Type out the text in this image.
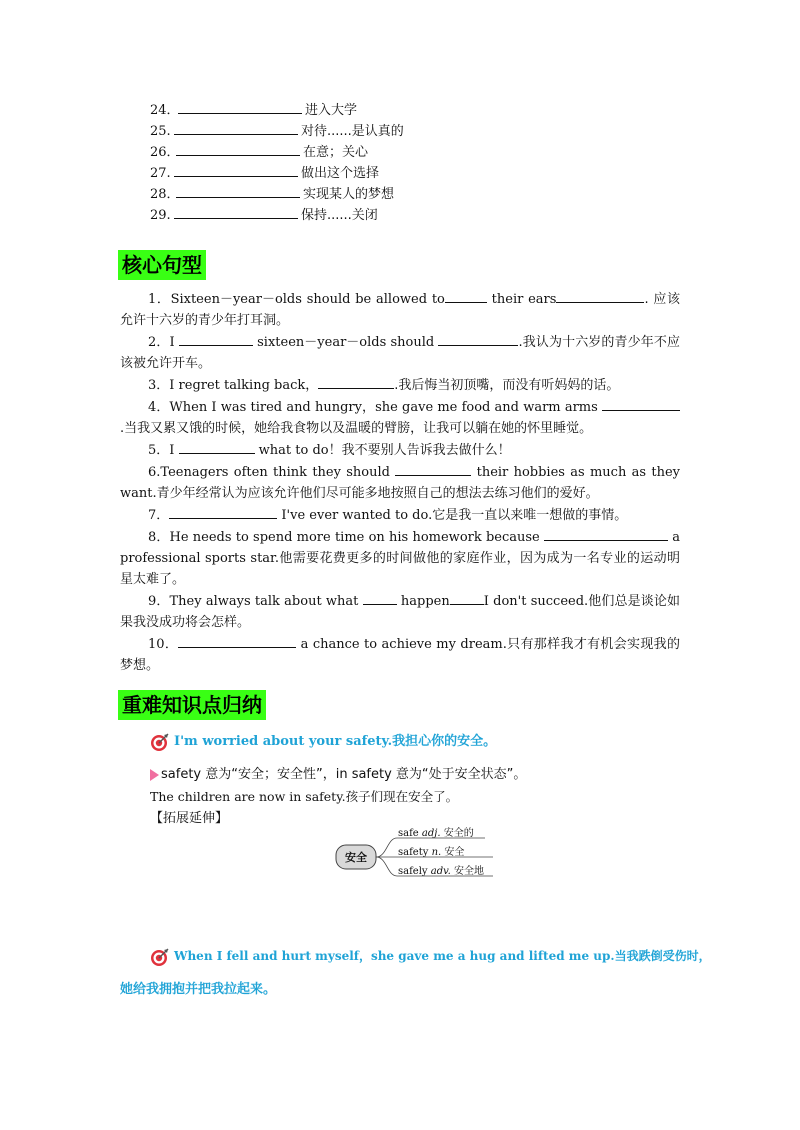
24．	进入大学
25.	对待......是认真的
26．	在意；关心
27.	做出这个选择
28．	实现某人的梦想
29.	保持......关闭
核心句型

1．Sixteen－year－olds should be allowed to	their ears	. 应该允许十六岁的青少年打耳洞。

2．I	sixteen－year－olds should	.我认为十六岁的青少年不应该被允许开车。

3．I regret talking back，	.我后悔当初顶嘴，而没有听妈妈的话。

4．When I was tired and hungry，she gave me food and warm arms .当我又累又饿的时候，她给我食物以及温暖的臂膀，让我可以躺在她的怀里睡觉。

5．I	what to do！我不要别人告诉我去做什么！

6.Teenagers often think they should	their hobbies as much as they want.青少年经常认为应该允许他们尽可能多地按照自己的想法去练习他们的爱好。

7．	I've ever wanted to do.它是我一直以来唯一想做的事情。

8．He needs to spend more time on his homework because	a professional sports star.他需要花费更多的时间做他的家庭作业，因为成为一名专业的运动明星太难了。

9．They always talk about what	happen	I don't succeed.他们总是谈论如果我没成功将会怎样。

10．	a chance to achieve my dream.只有那样我才有机会实现我的梦想。

重难知识点归纳
I'm worried about your safety.我担心你的安全。
safety 意为“安全；安全性”，in safety 意为“处于安全状态”。
The children are now in safety.孩子们现在安全了。
【拓展延伸】
安全
safe adj. 安全的
safety n. 安全
safely adv. 安全地
When I fell and hurt myself，she gave me a hug and lifted me up.当我跌倒受伤时，
她给我拥抱并把我拉起来。
